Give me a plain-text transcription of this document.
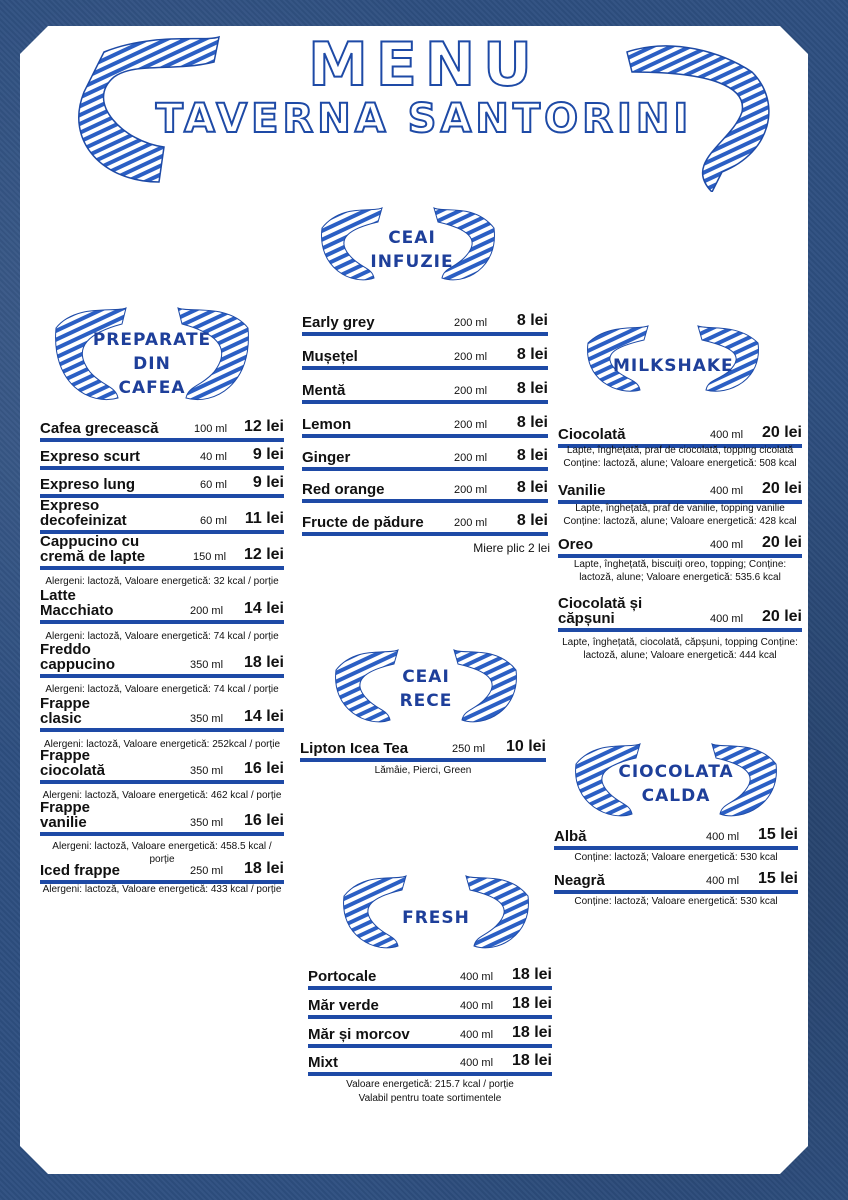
MENU
TAVERNA SANTORINI
CEAI
INFUZIE
PREPARATE
DIN
CAFEA
MILKSHAKE
CEAI
RECE
CIOCOLATA
CALDA
FRESH
Cafea grecească	100 ml 12 lei
Expreso scurt	40 ml 9 lei
Expreso lung	60 ml 9 lei
Expreso
decofeinizat	60 ml 11 lei
Cappucino cu
cremă de lapte	150 ml 12 lei
Alergeni: lactoză, Valoare energetică: 32 kcal / porție
Latte
Macchiato	200 ml 14 lei
Alergeni: lactoză, Valoare energetică: 74 kcal / porție
Freddo
cappucino	350 ml 18 lei
Alergeni: lactoză, Valoare energetică: 74 kcal / porție
Frappe
clasic	350 ml 14 lei
Alergeni: lactoză, Valoare energetică: 252kcal / porție
Frappe
ciocolată	350 ml 16 lei
Alergeni: lactoză, Valoare energetică: 462 kcal / porție
Frappe
vanilie	350 ml 16 lei
Alergeni: lactoză, Valoare energetică: 458.5 kcal / porție
Iced frappe	250 ml 18 lei
Alergeni: lactoză, Valoare energetică: 433 kcal / porție
Early grey	200 ml 8 lei
Mușețel	200 ml 8 lei
Mentă	200 ml 8 lei
Lemon	200 ml 8 lei
Ginger	200 ml 8 lei
Red orange	200 ml 8 lei
Fructe de pădure	200 ml 8 lei
Miere plic 2 lei
Lipton Icea Tea	250 ml 10 lei
Lămâie, Pierci, Green
Portocale	400 ml 18 lei
Măr verde	400 ml 18 lei
Măr și morcov	400 ml 18 lei
Mixt	400 ml 18 lei
Valoare energetică: 215.7 kcal / porție
Valabil pentru toate sortimentele
Ciocolată	400 ml 20 lei
Lapte, înghețată, praf de ciocolată, topping cicolată
Conține: lactoză, alune; Valoare energetică: 508 kcal
Vanilie	400 ml 20 lei
Lapte, înghețată, praf de vanilie, topping vanilie
Conține: lactoză, alune; Valoare energetică: 428 kcal
Oreo	400 ml 20 lei
Lapte, înghețată, biscuiți oreo, topping; Conține:
lactoză, alune; Valoare energetică: 535.6 kcal
Ciocolată și
căpșuni	400 ml 20 lei
Lapte, înghețată, ciocolată, căpșuni, topping Conține:
lactoză, alune; Valoare energetică: 444 kcal
Albă	400 ml 15 lei
Conține: lactoză; Valoare energetică: 530 kcal
Neagră	400 ml 15 lei
Conține: lactoză; Valoare energetică: 530 kcal
